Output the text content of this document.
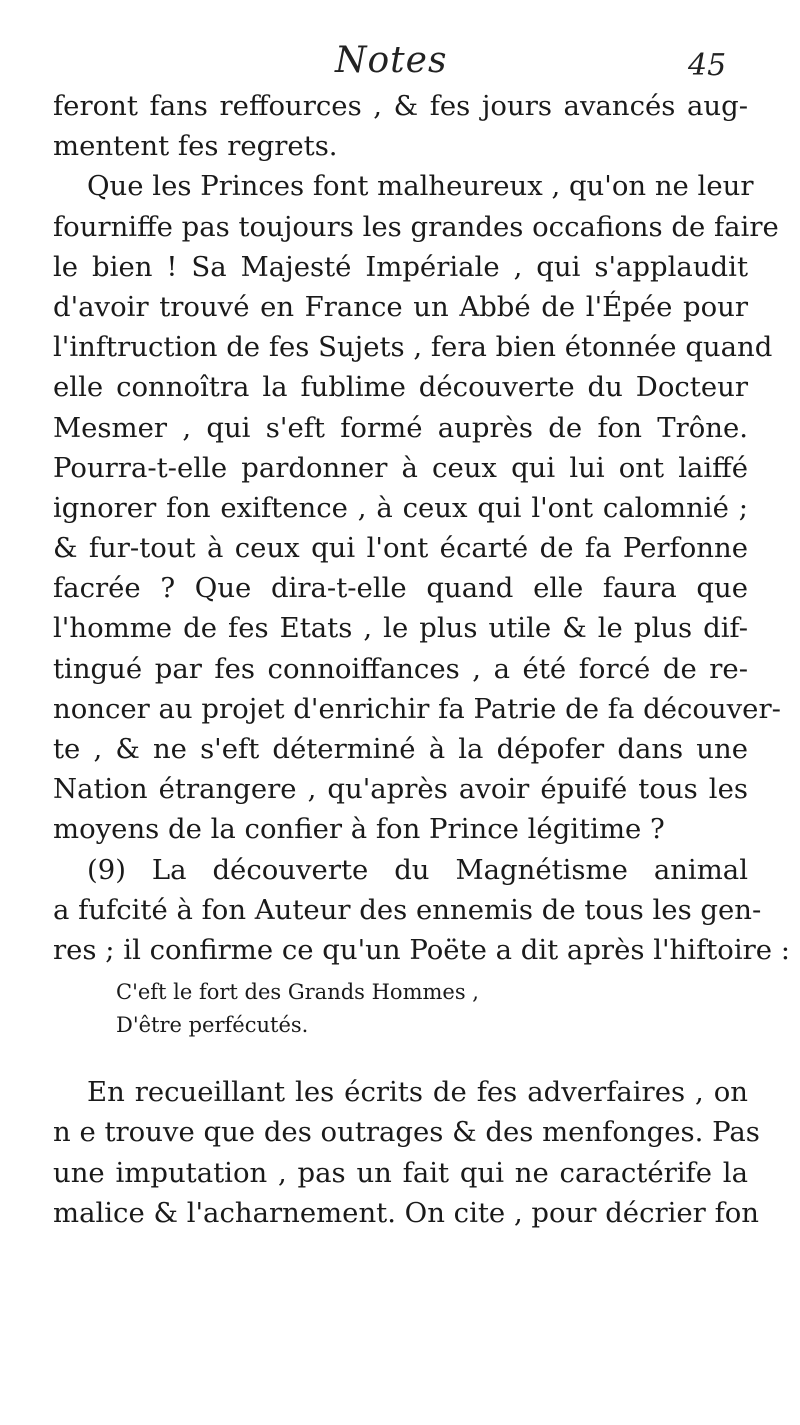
Notes	45
feront fans reffources , & fes jours avancés aug-
mentent fes regrets.
Que les Princes font malheureux , qu'on ne leur
fourniffe pas toujours les grandes occafions de faire
le bien ! Sa Majesté Impériale , qui s'applaudit
d'avoir trouvé en France un Abbé de l'Épée pour
l'inftruction de fes Sujets , fera bien étonnée quand
elle connoîtra la fublime découverte du Docteur
Mesmer , qui s'eft formé auprès de fon Trône.
Pourra-t-elle pardonner à ceux qui lui ont laiffé
ignorer fon exiftence , à ceux qui l'ont calomnié ;
& fur-tout à ceux qui l'ont écarté de fa Perfonne
facrée ? Que dira-t-elle quand elle faura que
l'homme de fes Etats , le plus utile & le plus dif-
tingué par fes connoiffances , a été forcé de re-
noncer au projet d'enrichir fa Patrie de fa découver-
te , & ne s'eft déterminé à la dépofer dans une
Nation étrangere , qu'après avoir épuifé tous les
moyens de la confier à fon Prince légitime ?
(9) La découverte du Magnétisme animal
a fufcité à fon Auteur des ennemis de tous les gen-
res ; il confirme ce qu'un Poëte a dit après l'hiftoire :
C'eft le fort des Grands Hommes ,
D'être perfécutés.
En recueillant les écrits de fes adverfaires , on
n e trouve que des outrages & des menfonges. Pas
une imputation , pas un fait qui ne caractérife la
malice & l'acharnement. On cite , pour décrier fon
